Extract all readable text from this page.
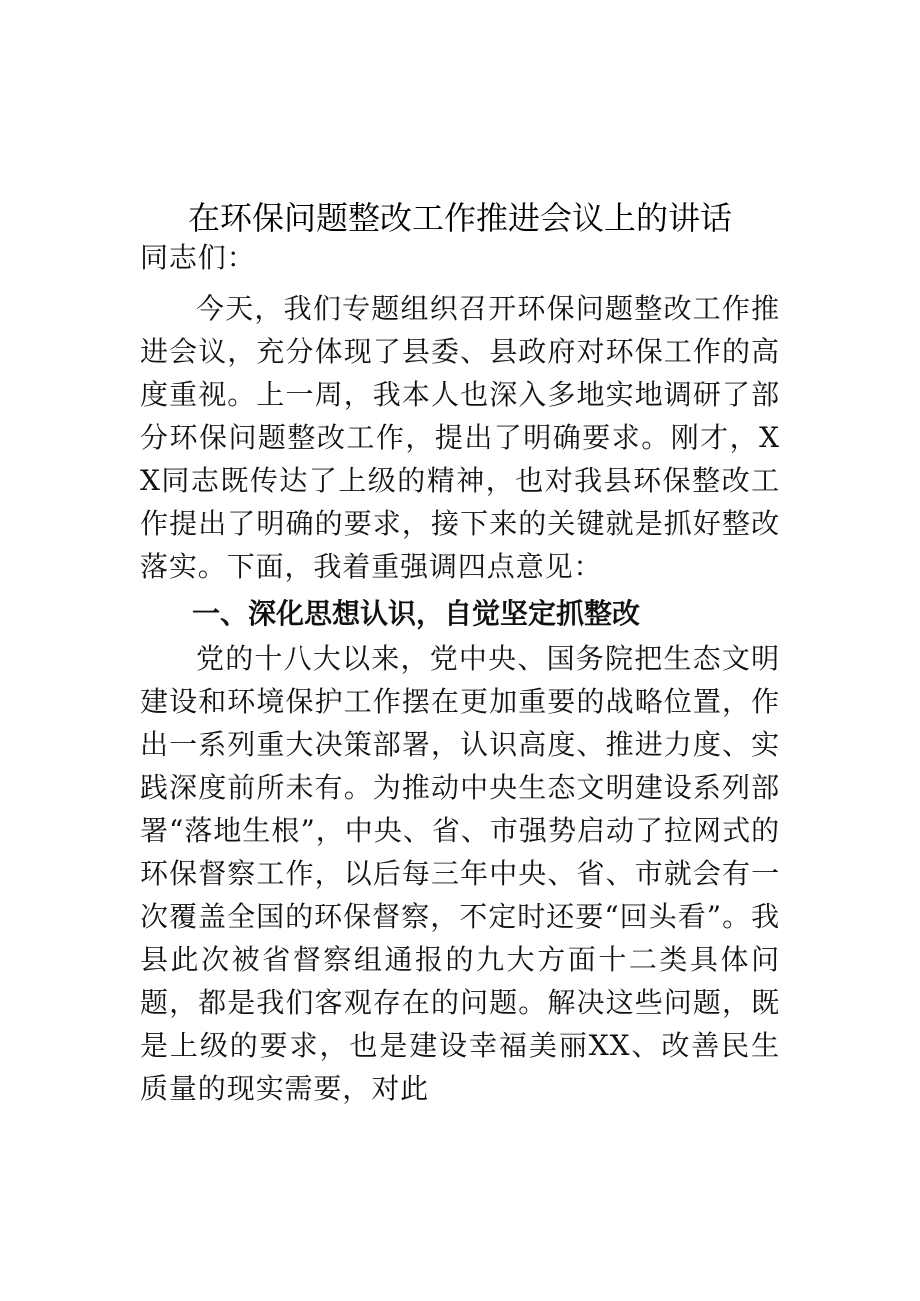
在环保问题整改工作推进会议上的讲话

同志们：

今天，我们专题组织召开环保问题整改工作推进会议，充分体现了县委、县政府对环保工作的高度重视。上一周，我本人也深入多地实地调研了部分环保问题整改工作，提出了明确要求。刚才，XX同志既传达了上级的精神，也对我县环保整改工作提出了明确的要求，接下来的关键就是抓好整改落实。下面，我着重强调四点意见：

一、深化思想认识，自觉坚定抓整改

党的十八大以来，党中央、国务院把生态文明建设和环境保护工作摆在更加重要的战略位置，作出一系列重大决策部署，认识高度、推进力度、实践深度前所未有。为推动中央生态文明建设系列部署“落地生根”，中央、省、市强势启动了拉网式的环保督察工作，以后每三年中央、省、市就会有一次覆盖全国的环保督察，不定时还要“回头看”。我县此次被省督察组通报的九大方面十二类具体问题，都是我们客观存在的问题。解决这些问题，既是上级的要求，也是建设幸福美丽XX、改善民生质量的现实需要，对此
